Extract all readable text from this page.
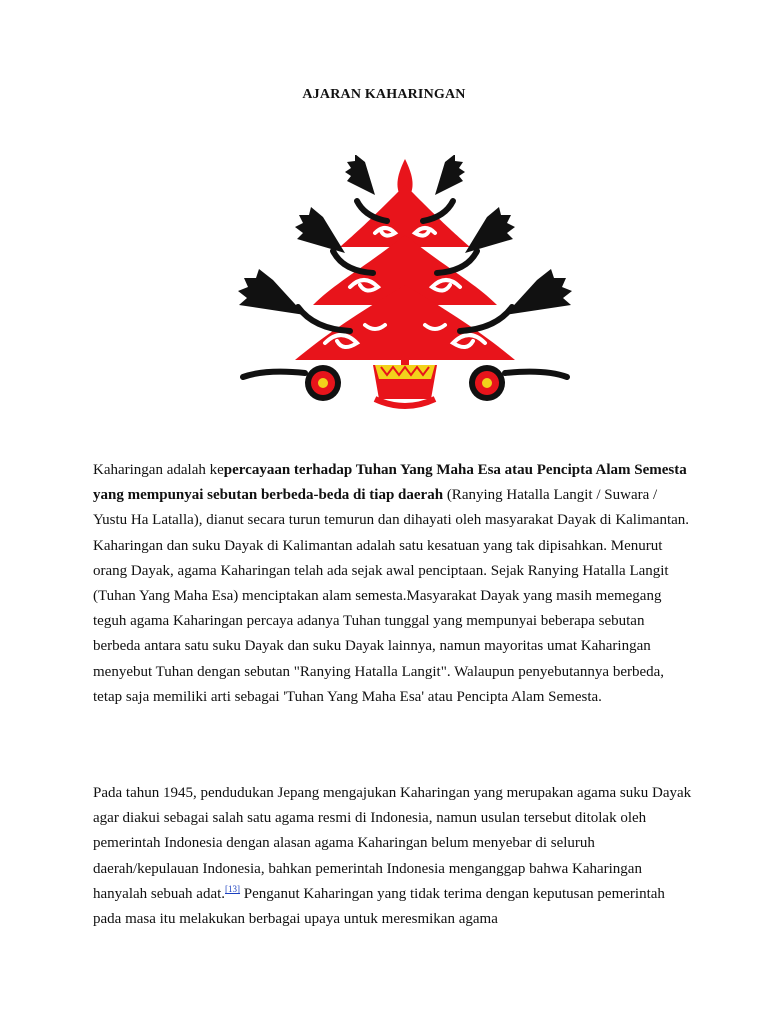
AJARAN KAHARINGAN

Kaharingan adalah kepercayaan terhadap Tuhan Yang Maha Esa atau Pencipta Alam Semesta yang mempunyai sebutan berbeda-beda di tiap daerah (Ranying Hatalla Langit / Suwara / Yustu Ha Latalla), dianut secara turun temurun dan dihayati oleh masyarakat Dayak di Kalimantan. Kaharingan dan suku Dayak di Kalimantan adalah satu kesatuan yang tak dipisahkan. Menurut orang Dayak, agama Kaharingan telah ada sejak awal penciptaan. Sejak Ranying Hatalla Langit (Tuhan Yang Maha Esa) menciptakan alam semesta.Masyarakat Dayak yang masih memegang teguh agama Kaharingan percaya adanya Tuhan tunggal yang mempunyai beberapa sebutan berbeda antara satu suku Dayak dan suku Dayak lainnya, namun mayoritas umat Kaharingan menyebut Tuhan dengan sebutan "Ranying Hatalla Langit". Walaupun penyebutannya berbeda, tetap saja memiliki arti sebagai 'Tuhan Yang Maha Esa' atau Pencipta Alam Semesta.

Pada tahun 1945, pendudukan Jepang mengajukan Kaharingan yang merupakan agama suku Dayak agar diakui sebagai salah satu agama resmi di Indonesia, namun usulan tersebut ditolak oleh pemerintah Indonesia dengan alasan agama Kaharingan belum menyebar di seluruh daerah/kepulauan Indonesia, bahkan pemerintah Indonesia menganggap bahwa Kaharingan hanyalah sebuah adat.[13] Penganut Kaharingan yang tidak terima dengan keputusan pemerintah pada masa itu melakukan berbagai upaya untuk meresmikan agama
